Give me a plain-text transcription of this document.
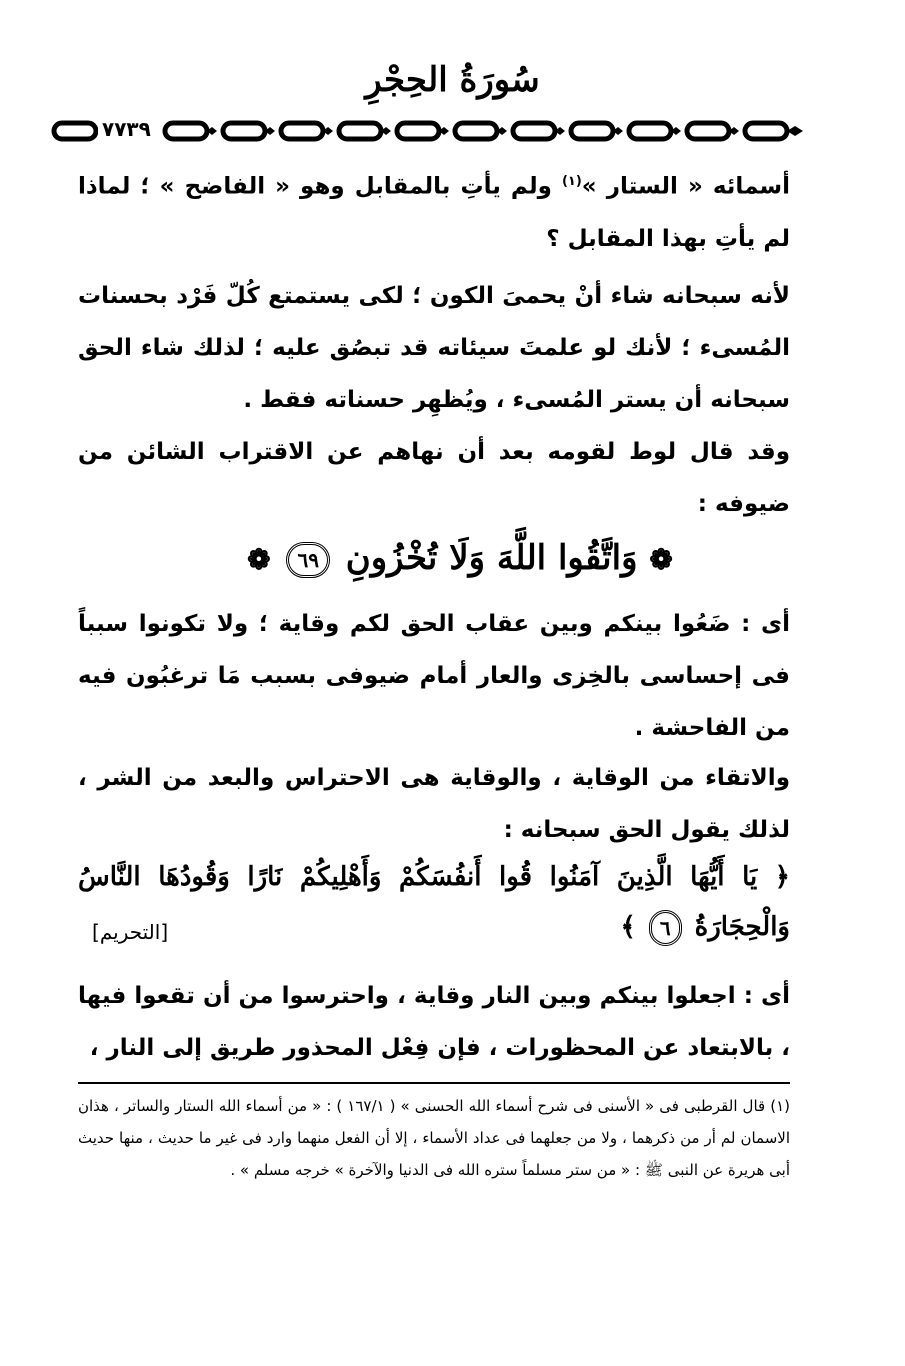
سُورَةُ الحِجْرِ
٧٧٣٩

أسمائه « الستار »$^{(١)}$ ولم يأتِ بالمقابل وهو « الفاضح » ؛ لماذا لم يأتِ بهذا المقابل ؟

لأنه سبحانه شاء أنْ يحمىَ الكون ؛ لكى يستمتع كُلّ فَرْد بحسنات المُسىء ؛ لأنك لو علمتَ سيئاته قد تبصُق عليه ؛ لذلك شاء الحق سبحانه أن يستر المُسىء ، ويُظهِر حسناته فقط .

وقد قال لوط لقومه بعد أن نهاهم عن الاقتراب الشائن من ضيوفه :

❁ وَاتَّقُوا اللَّهَ وَلَا تُخْزُونِ ٦٩ ❁

أى : ضَعُوا بينكم وبين عقاب الحق لكم وقاية ؛ ولا تكونوا سبباً فى إحساسى بالخِزى والعار أمام ضيوفى بسبب مَا ترغبُون فيه من الفاحشة .

والاتقاء من الوقاية ، والوقاية هى الاحتراس والبعد من الشر ، لذلك يقول الحق سبحانه :

﴿ يَا أَيُّهَا الَّذِينَ آمَنُوا قُوا أَنفُسَكُمْ وَأَهْلِيكُمْ نَارًا وَقُودُهَا النَّاسُ وَالْحِجَارَةُ ٦ ﴾
[التحريم]

أى : اجعلوا بينكم وبين النار وقاية ، واحترسوا من أن تقعوا فيها ، بالابتعاد عن المحظورات ، فإن فِعْل المحذور طريق إلى النار ،

(١) قال القرطبى فى « الأسنى فى شرح أسماء الله الحسنى » ( ١٦٧/١ ) : « من أسماء الله الستار والساتر ، هذان الاسمان لم أر من ذكرهما ، ولا من جعلهما فى عداد الأسماء ، إلا أن الفعل منهما وارد فى غير ما حديث ، منها حديث أبى هريرة عن النبى ﷺ : « من ستر مسلماً ستره الله فى الدنيا والآخرة » خرجه مسلم » .
